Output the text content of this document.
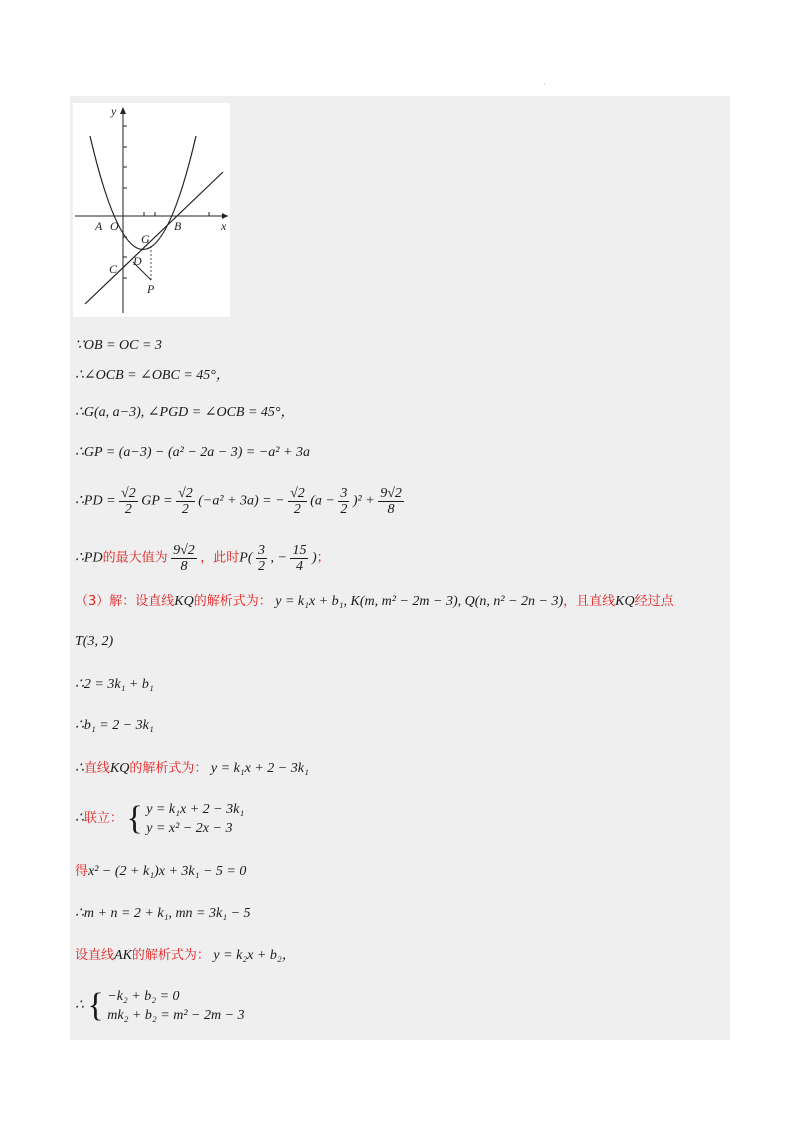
·
y
x
A O	B
G
C
D
P
∵OB = OC = 3
∴∠OCB = ∠OBC = 45°，
∴G(a, a−3), ∠PGD = ∠OCB = 45°，
∴GP = (a−3) − (a² − 2a − 3) = −a² + 3a
∴PD = $\frac{√2}{2}$ GP = $\frac{√2}{2} (-a^2 + 3a)$ = − $\frac{√2}{2} (a - \frac{3}{2} )^2 + \frac{9√2}{8}$
∴PD的最大值为 $\frac{9√2}{8}$ ，此时$P( \frac{3}{2}$ , − $\frac{15}{4}$ )；
（3）解：设直线KQ的解析式为： y = k₁x + b₁, K(m, m² − 2m − 3), Q(n, n² − 2n − 3)，且直线KQ经过点
T(3, 2)
∴2 = 3k₁ + b₁
∴b₁ = 2 − 3k₁
∴直线KQ的解析式为： y = k₁x + 2 − 3k₁
∴联立： { y = k₁x + 2 − 3k₁
y = x² − 2x − 3
得x² − (2 + k₁)x + 3k₁ − 5 = 0
∴m + n = 2 + k₁, mn = 3k₁ − 5
设直线AK的解析式为： y = k₂x + b₂，
∴ { −k₂ + b₂ = 0
mk₂ + b₂ = m² − 2m − 3
